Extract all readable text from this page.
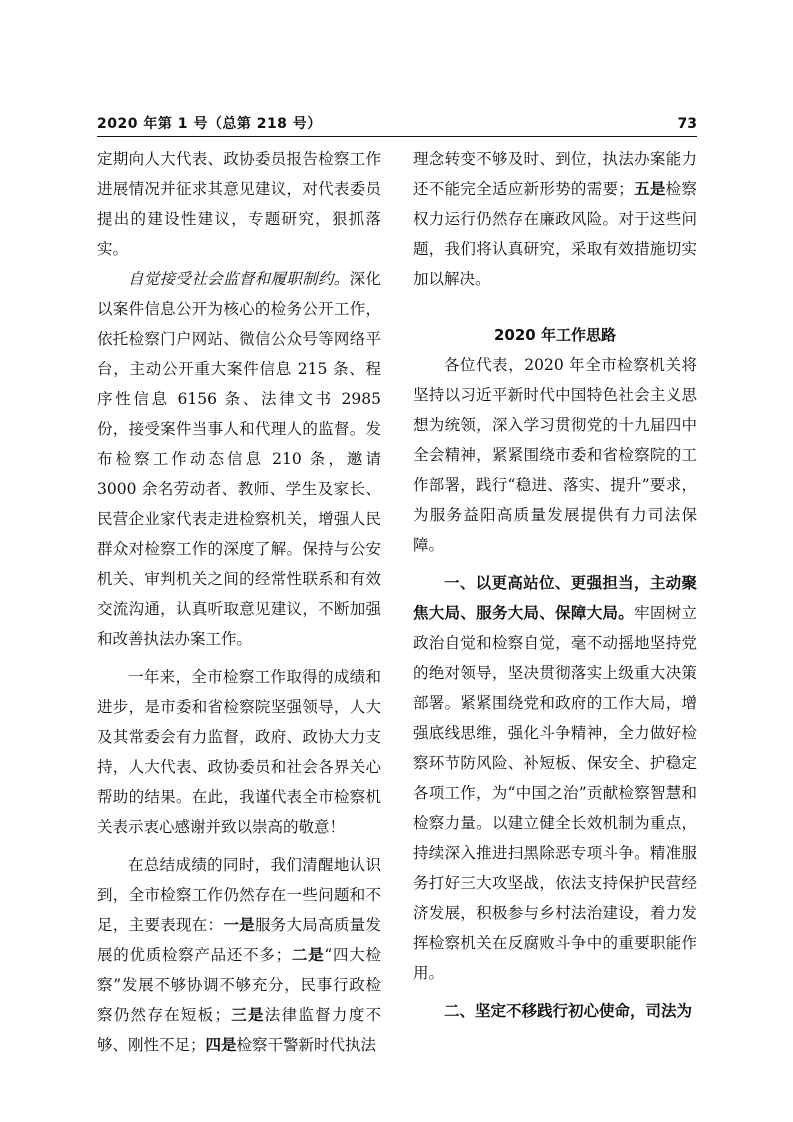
2020 年第 1 号（总第 218 号）	73

定期向人大代表、政协委员报告检察工作进展情况并征求其意见建议，对代表委员提出的建设性建议，专题研究，狠抓落实。

自觉接受社会监督和履职制约。深化以案件信息公开为核心的检务公开工作，依托检察门户网站、微信公众号等网络平台，主动公开重大案件信息 215 条、程序性信息 6156 条、法律文书 2985 份，接受案件当事人和代理人的监督。发布检察工作动态信息 210 条，邀请 3000 余名劳动者、教师、学生及家长、民营企业家代表走进检察机关，增强人民群众对检察工作的深度了解。保持与公安机关、审判机关之间的经常性联系和有效交流沟通，认真听取意见建议，不断加强和改善执法办案工作。

一年来，全市检察工作取得的成绩和进步，是市委和省检察院坚强领导，人大及其常委会有力监督，政府、政协大力支持，人大代表、政协委员和社会各界关心帮助的结果。在此，我谨代表全市检察机关表示衷心感谢并致以崇高的敬意！

在总结成绩的同时，我们清醒地认识到，全市检察工作仍然存在一些问题和不足，主要表现在：一是服务大局高质量发展的优质检察产品还不多；二是“四大检察”发展不够协调不够充分，民事行政检察仍然存在短板；三是法律监督力度不够、刚性不足；四是检察干警新时代执法

理念转变不够及时、到位，执法办案能力还不能完全适应新形势的需要；五是检察权力运行仍然存在廉政风险。对于这些问题，我们将认真研究，采取有效措施切实加以解决。

2020 年工作思路

各位代表，2020 年全市检察机关将坚持以习近平新时代中国特色社会主义思想为统领，深入学习贯彻党的十九届四中全会精神，紧紧围绕市委和省检察院的工作部署，践行“稳进、落实、提升”要求，为服务益阳高质量发展提供有力司法保障。

一、以更高站位、更强担当，主动聚焦大局、服务大局、保障大局。牢固树立政治自觉和检察自觉，毫不动摇地坚持党的绝对领导，坚决贯彻落实上级重大决策部署。紧紧围绕党和政府的工作大局，增强底线思维，强化斗争精神，全力做好检察环节防风险、补短板、保安全、护稳定各项工作，为“中国之治”贡献检察智慧和检察力量。以建立健全长效机制为重点，持续深入推进扫黑除恶专项斗争。精准服务打好三大攻坚战，依法支持保护民营经济发展，积极参与乡村法治建设，着力发挥检察机关在反腐败斗争中的重要职能作用。

二、坚定不移践行初心使命，司法为
